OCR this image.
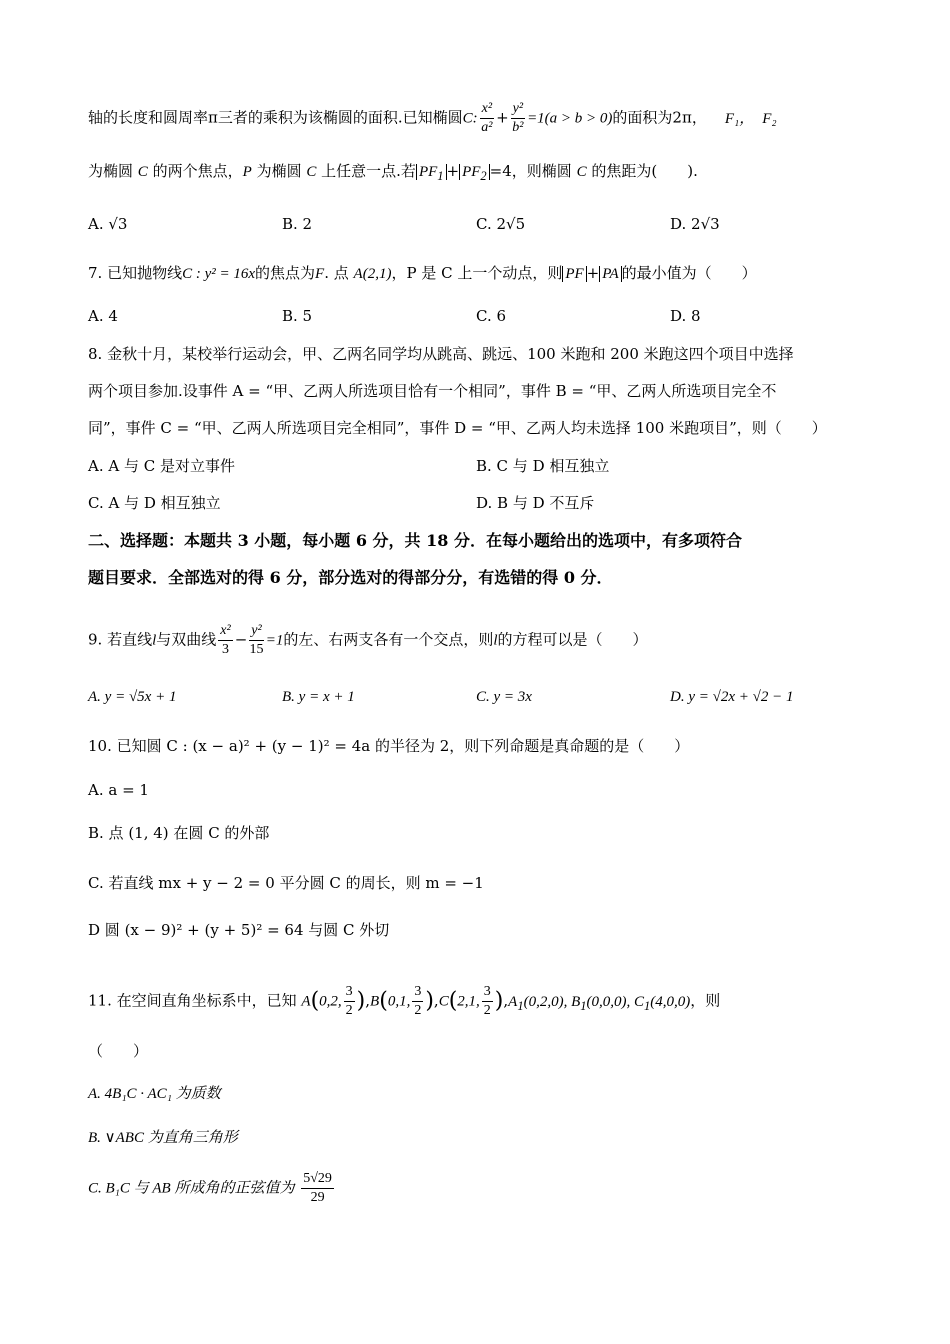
轴的长度和圆周率π三者的乘积为该椭圆的面积.已知椭圆C: $\frac{\text{x²}}{\text{a²}} + \frac{\text{y²}}{\text{b²}} =1(a > b > 0)$的面积为2π， F₁， F₂
为椭圆 C 的两个焦点，P 为椭圆 C 上任意一点.若 $PF_1 + PF_2 =4$，则椭圆 C 的焦距为(　　).
A. √3	B. 2	C. 2√5	D. 2√3
7. 已知抛物线C : y² = 16x的焦点为F. 点 A(2,1)，P 是 C 上一个动点，则 PF + PA 的最小值为（　　）
A. 4	B. 5	C. 6	D. 8
8. 金秋十月，某校举行运动会，甲、乙两名同学均从跳高、跳远、100 米跑和 200 米跑这四个项目中选择
两个项目参加.设事件 A = “甲、乙两人所选项目恰有一个相同”，事件 B = “甲、乙两人所选项目完全不
同”，事件 C = “甲、乙两人所选项目完全相同”，事件 D = “甲、乙两人均未选择 100 米跑项目”，则（　　）
A. A 与 C 是对立事件	B. C 与 D 相互独立
C. A 与 D 相互独立	D. B 与 D 不互斥
二、选择题：本题共 3 小题，每小题 6 分，共 18 分．在每小题给出的选项中，有多项符合
题目要求．全部选对的得 6 分，部分选对的得部分分，有选错的得 0 分．
9. 若直线l与双曲线 $\frac{\text{x²}}{3} - \frac{\text{y²}}{15} =1$的左、右两支各有一个交点，则l的方程可以是（　　）
A. y = √5x + 1	B. y = x + 1	C. y = 3x	D. y = √2x + √2 − 1
10. 已知圆 C : (x − a)² + (y − 1)² = 4a 的半径为 2，则下列命题是真命题的是（　　）
A. a = 1
B. 点 (1, 4) 在圆 C 的外部
C. 若直线 mx + y − 2 = 0 平分圆 C 的周长，则 m = −1
D 圆 (x − 9)² + (y + 5)² = 64 与圆 C 外切
11. 在空间直角坐标系中，已知 A(0,2, $\frac{3}{2} ),B(0,1$, $\frac{3}{2} ),C(2,1$, $\frac{3}{2} ),A_1(0,2,0)$, $B_1(0,0,0)$, $C_1(4,0,0)$，则
（　　）
A. 4B₁C · AC₁ 为质数
B. ∨ABC 为直角三角形
C. B₁C 与 AB 所成角的正弦值为 $\frac{5√29}{29}$
